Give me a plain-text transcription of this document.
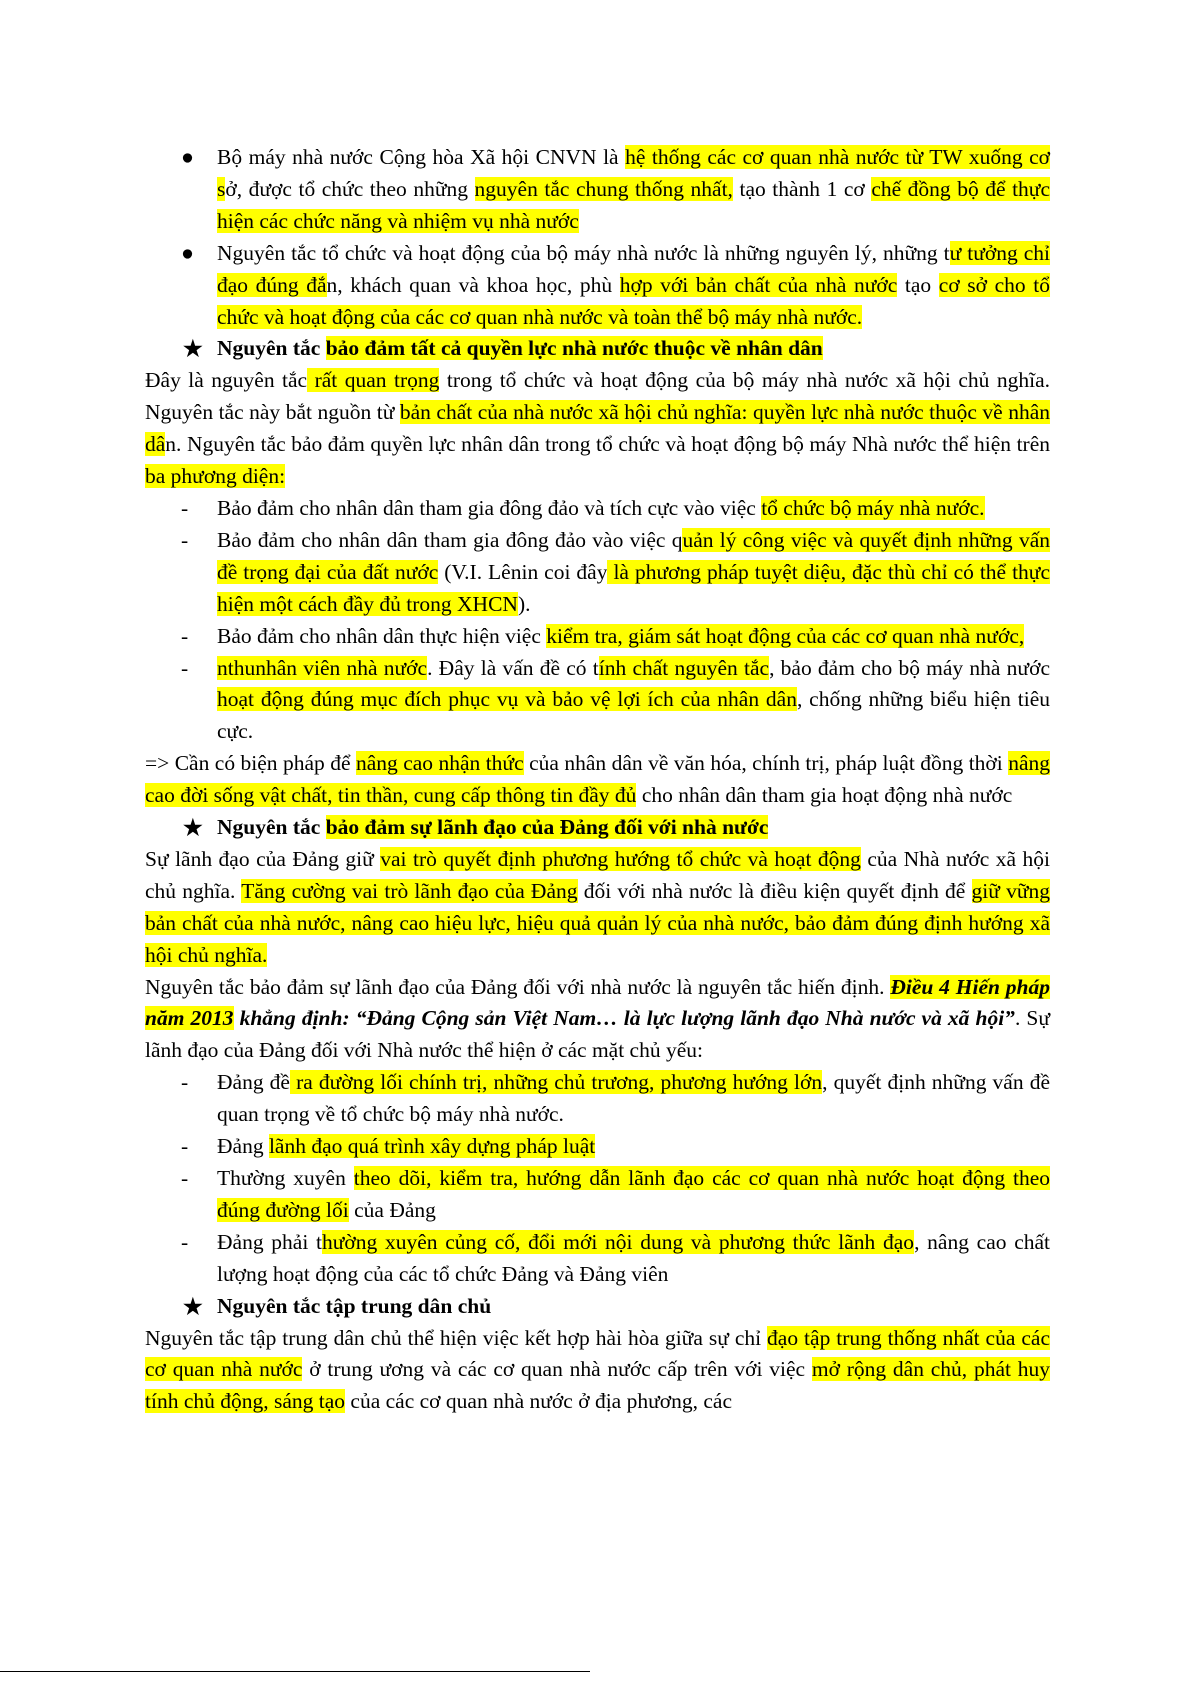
●	Bộ máy nhà nước Cộng hòa Xã hội CNVN là hệ thống các cơ quan nhà nước từ TW xuống cơ sở, được tổ chức theo những nguyên tắc chung thống nhất, tạo thành 1 cơ chế đồng bộ để thực hiện các chức năng và nhiệm vụ nhà nước
●	Nguyên tắc tổ chức và hoạt động của bộ máy nhà nước là những nguyên lý, những tư tưởng chỉ đạo đúng đắn, khách quan và khoa học, phù hợp với bản chất của nhà nước tạo cơ sở cho tổ chức và hoạt động của các cơ quan nhà nước và toàn thể bộ máy nhà nước.
★ Nguyên tắc bảo đảm tất cả quyền lực nhà nước thuộc về nhân dân
Đây là nguyên tắc rất quan trọng trong tổ chức và hoạt động của bộ máy nhà nước xã hội chủ nghĩa. Nguyên tắc này bắt nguồn từ bản chất của nhà nước xã hội chủ nghĩa: quyền lực nhà nước thuộc về nhân dân. Nguyên tắc bảo đảm quyền lực nhân dân trong tổ chức và hoạt động bộ máy Nhà nước thể hiện trên ba phương diện:
-	Bảo đảm cho nhân dân tham gia đông đảo và tích cực vào việc tổ chức bộ máy nhà nước.
-	Bảo đảm cho nhân dân tham gia đông đảo vào việc quản lý công việc và quyết định những vấn đề trọng đại của đất nước (V.I. Lênin coi đây là phương pháp tuyệt diệu, đặc thù chỉ có thể thực hiện một cách đầy đủ trong XHCN).
-	Bảo đảm cho nhân dân thực hiện việc kiểm tra, giám sát hoạt động của các cơ quan nhà nước,
-	nthunhân viên nhà nước. Đây là vấn đề có tính chất nguyên tắc, bảo đảm cho bộ máy nhà nước hoạt động đúng mục đích phục vụ và bảo vệ lợi ích của nhân dân, chống những biểu hiện tiêu cực.
=> Cần có biện pháp để nâng cao nhận thức của nhân dân về văn hóa, chính trị, pháp luật đồng thời nâng cao đời sống vật chất, tin thần, cung cấp thông tin đầy đủ cho nhân dân tham gia hoạt động nhà nước
★ Nguyên tắc bảo đảm sự lãnh đạo của Đảng đối với nhà nước
Sự lãnh đạo của Đảng giữ vai trò quyết định phương hướng tổ chức và hoạt động của Nhà nước xã hội chủ nghĩa. Tăng cường vai trò lãnh đạo của Đảng đối với nhà nước là điều kiện quyết định để giữ vững bản chất của nhà nước, nâng cao hiệu lực, hiệu quả quản lý của nhà nước, bảo đảm đúng định hướng xã hội chủ nghĩa.
Nguyên tắc bảo đảm sự lãnh đạo của Đảng đối với nhà nước là nguyên tắc hiến định. Điều 4 Hiến pháp năm 2013 khẳng định: “Đảng Cộng sản Việt Nam… là lực lượng lãnh đạo Nhà nước và xã hội”. Sự lãnh đạo của Đảng đối với Nhà nước thể hiện ở các mặt chủ yếu:
-	Đảng đề ra đường lối chính trị, những chủ trương, phương hướng lớn, quyết định những vấn đề quan trọng về tổ chức bộ máy nhà nước.
-	Đảng lãnh đạo quá trình xây dựng pháp luật
-	Thường xuyên theo dõi, kiểm tra, hướng dẫn lãnh đạo các cơ quan nhà nước hoạt động theo đúng đường lối của Đảng
-	Đảng phải thường xuyên củng cố, đổi mới nội dung và phương thức lãnh đạo, nâng cao chất lượng hoạt động của các tổ chức Đảng và Đảng viên
★ Nguyên tắc tập trung dân chủ
Nguyên tắc tập trung dân chủ thể hiện việc kết hợp hài hòa giữa sự chỉ đạo tập trung thống nhất của các cơ quan nhà nước ở trung ương và các cơ quan nhà nước cấp trên với việc mở rộng dân chủ, phát huy tính chủ động, sáng tạo của các cơ quan nhà nước ở địa phương, các
